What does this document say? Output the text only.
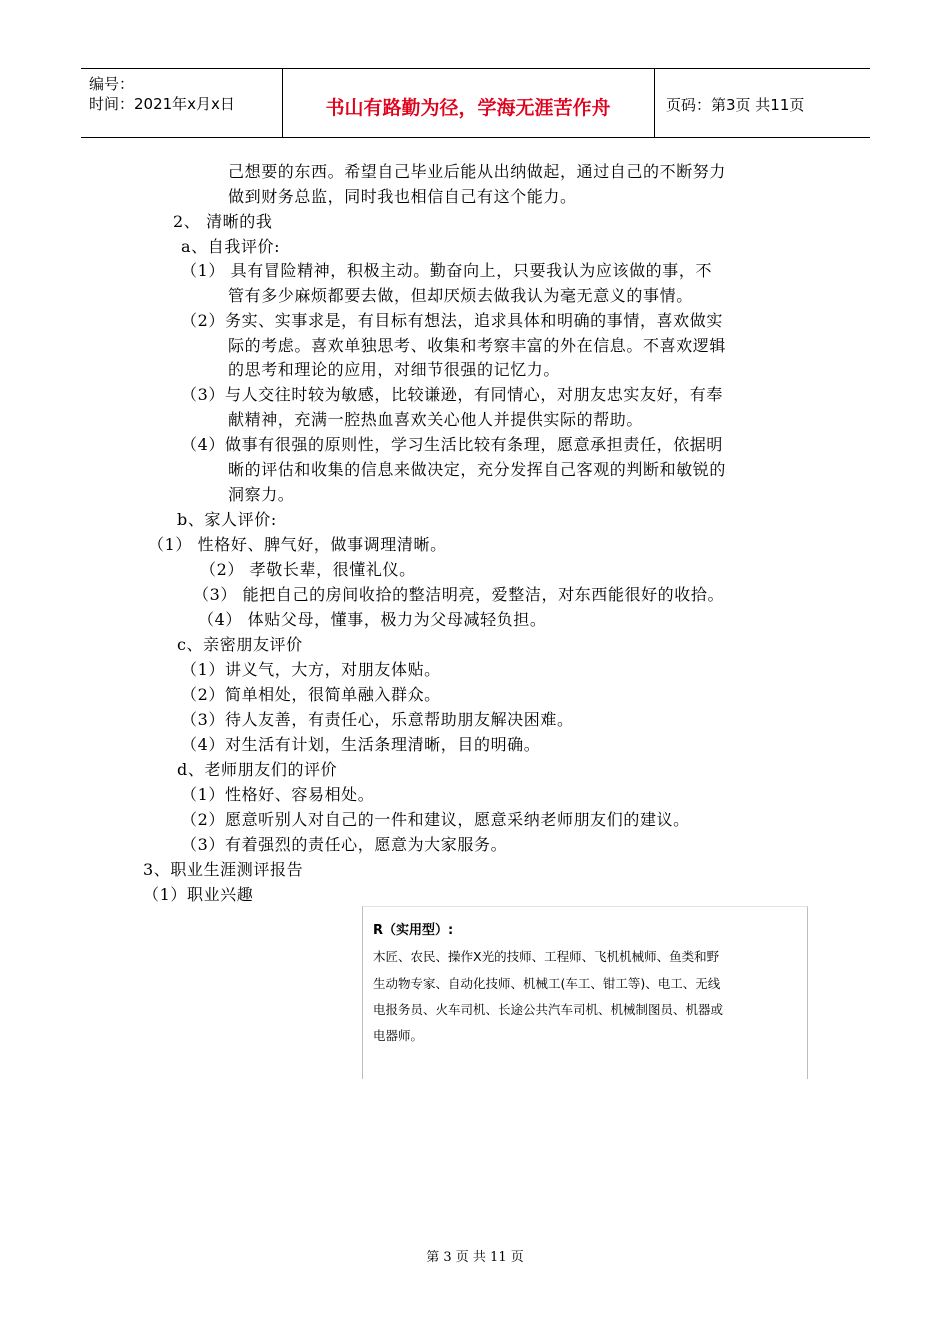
编号：
时间：2021年x月x日	书山有路勤为径，学海无涯苦作舟	页码：第3页 共11页
己想要的东西。希望自己毕业后能从出纳做起，通过自己的不断努力
做到财务总监，同时我也相信自己有这个能力。
2、 清晰的我
a、自我评价:
（1） 具有冒险精神，积极主动。勤奋向上，只要我认为应该做的事，不
管有多少麻烦都要去做，但却厌烦去做我认为毫无意义的事情。
（2）务实、实事求是，有目标有想法，追求具体和明确的事情，喜欢做实
际的考虑。喜欢单独思考、收集和考察丰富的外在信息。不喜欢逻辑
的思考和理论的应用，对细节很强的记忆力。
（3）与人交往时较为敏感，比较谦逊，有同情心，对朋友忠实友好，有奉
献精神，充满一腔热血喜欢关心他人并提供实际的帮助。
（4）做事有很强的原则性，学习生活比较有条理，愿意承担责任，依据明
晰的评估和收集的信息来做决定，充分发挥自己客观的判断和敏锐的
洞察力。
b、家人评价:
（1） 性格好、脾气好，做事调理清晰。
（2） 孝敬长辈，很懂礼仪。
（3） 能把自己的房间收拾的整洁明亮，爱整洁，对东西能很好的收拾。
（4） 体贴父母，懂事，极力为父母减轻负担。
c、亲密朋友评价
（1）讲义气，大方，对朋友体贴。
（2）简单相处，很简单融入群众。
（3）待人友善，有责任心，乐意帮助朋友解决困难。
（4）对生活有计划，生活条理清晰，目的明确。
d、老师朋友们的评价
（1）性格好、容易相处。
（2）愿意听别人对自己的一件和建议，愿意采纳老师朋友们的建议。
（3）有着强烈的责任心，愿意为大家服务。
3、职业生涯测评报告
（1）职业兴趣
R（实用型）:
木匠、农民、操作X光的技师、工程师、飞机机械师、鱼类和野
生动物专家、自动化技师、机械工(车工、钳工等)、电工、无线
电报务员、火车司机、长途公共汽车司机、机械制图员、机器或
电器师。
第 3 页 共 11 页
